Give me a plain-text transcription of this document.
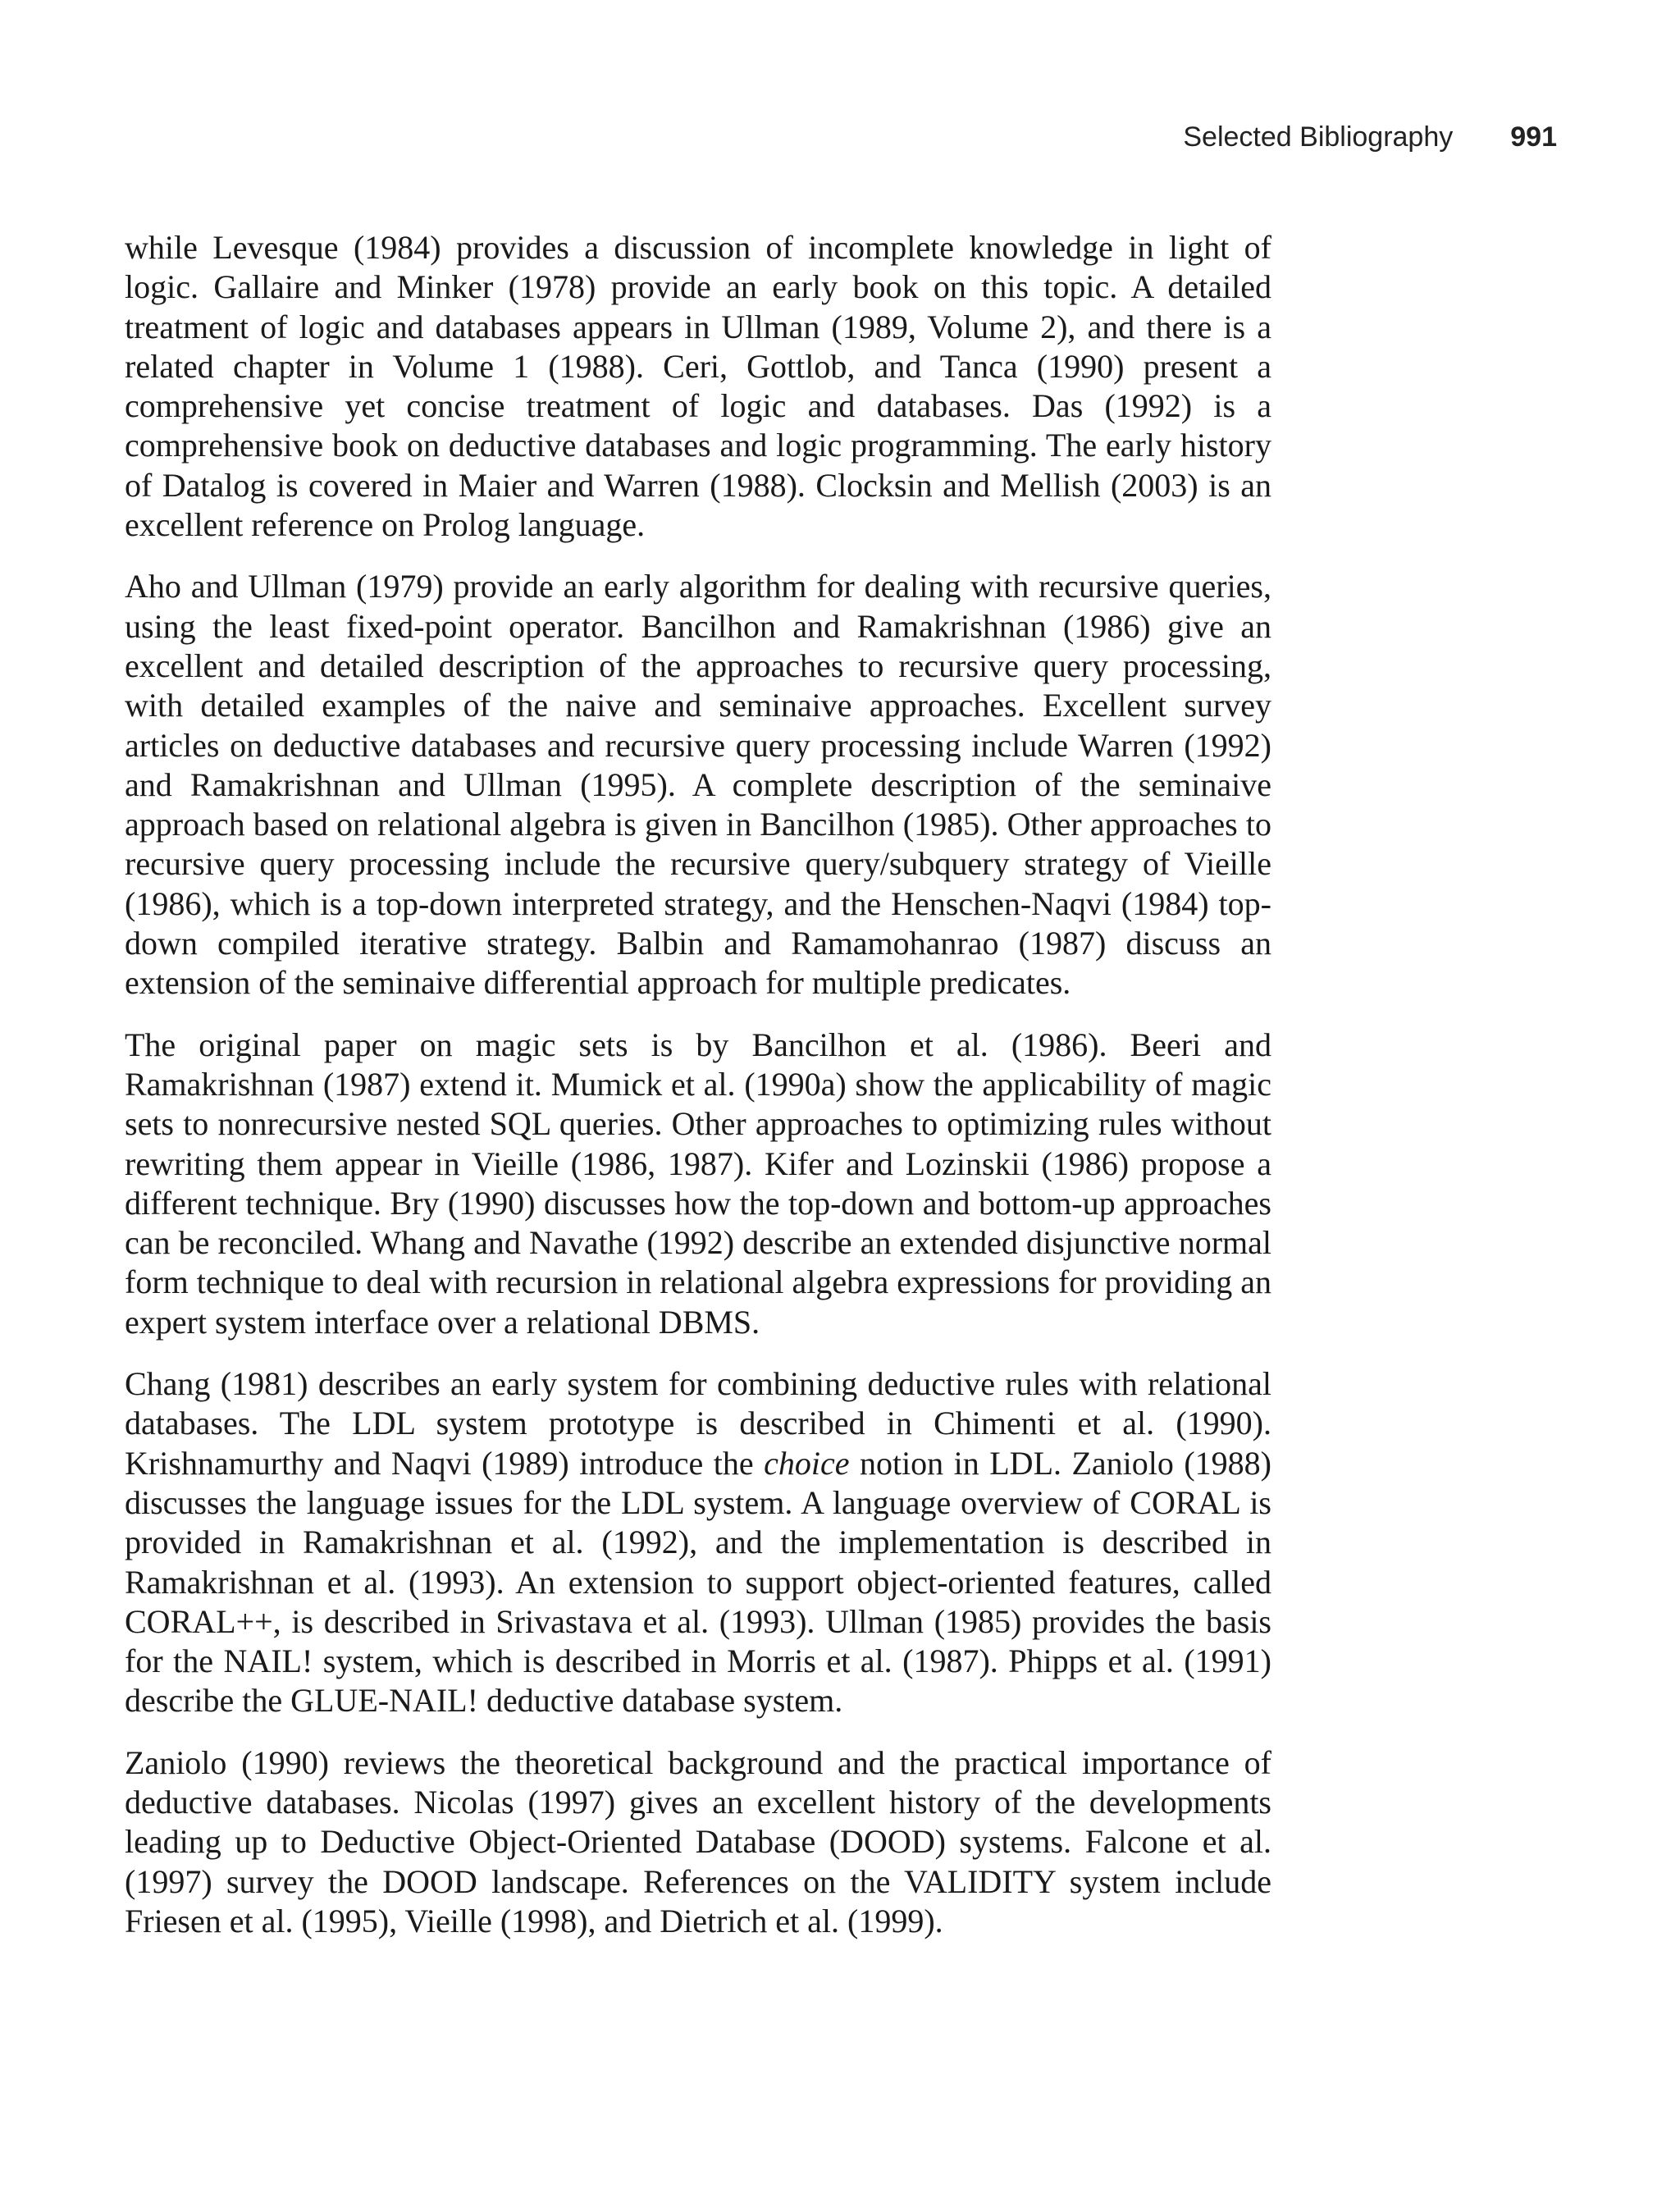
Selected Bibliography 991

while Levesque (1984) provides a discussion of incomplete knowledge in light of logic. Gallaire and Minker (1978) provide an early book on this topic. A detailed treatment of logic and databases appears in Ullman (1989, Volume 2), and there is a related chapter in Volume 1 (1988). Ceri, Gottlob, and Tanca (1990) present a comprehensive yet concise treatment of logic and databases. Das (1992) is a comprehensive book on deductive databases and logic programming. The early history of Datalog is covered in Maier and Warren (1988). Clocksin and Mellish (2003) is an excellent reference on Prolog language.

Aho and Ullman (1979) provide an early algorithm for dealing with recursive queries, using the least fixed-point operator. Bancilhon and Ramakrishnan (1986) give an excellent and detailed description of the approaches to recursive query processing, with detailed examples of the naive and seminaive approaches. Excellent survey articles on deductive databases and recursive query processing include Warren (1992) and Ramakrishnan and Ullman (1995). A complete description of the seminaive approach based on relational algebra is given in Bancilhon (1985). Other approaches to recursive query processing include the recursive query/subquery strategy of Vieille (1986), which is a top-down interpreted strategy, and the Henschen-Naqvi (1984) top-down compiled iterative strategy. Balbin and Ramamohanrao (1987) discuss an extension of the seminaive differential approach for multiple predicates.

The original paper on magic sets is by Bancilhon et al. (1986). Beeri and Ramakrishnan (1987) extend it. Mumick et al. (1990a) show the applicability of magic sets to nonrecursive nested SQL queries. Other approaches to optimizing rules without rewriting them appear in Vieille (1986, 1987). Kifer and Lozinskii (1986) propose a different technique. Bry (1990) discusses how the top-down and bottom-up approaches can be reconciled. Whang and Navathe (1992) describe an extended disjunctive normal form technique to deal with recursion in relational algebra expressions for providing an expert system interface over a relational DBMS.

Chang (1981) describes an early system for combining deductive rules with relational databases. The LDL system prototype is described in Chimenti et al. (1990). Krishnamurthy and Naqvi (1989) introduce the choice notion in LDL. Zaniolo (1988) discusses the language issues for the LDL system. A language overview of CORAL is provided in Ramakrishnan et al. (1992), and the implementation is described in Ramakrishnan et al. (1993). An extension to support object-oriented features, called CORAL++, is described in Srivastava et al. (1993). Ullman (1985) provides the basis for the NAIL! system, which is described in Morris et al. (1987). Phipps et al. (1991) describe the GLUE-NAIL! deductive database system.

Zaniolo (1990) reviews the theoretical background and the practical importance of deductive databases. Nicolas (1997) gives an excellent history of the developments leading up to Deductive Object-Oriented Database (DOOD) systems. Falcone et al. (1997) survey the DOOD landscape. References on the VALIDITY system include Friesen et al. (1995), Vieille (1998), and Dietrich et al. (1999).
